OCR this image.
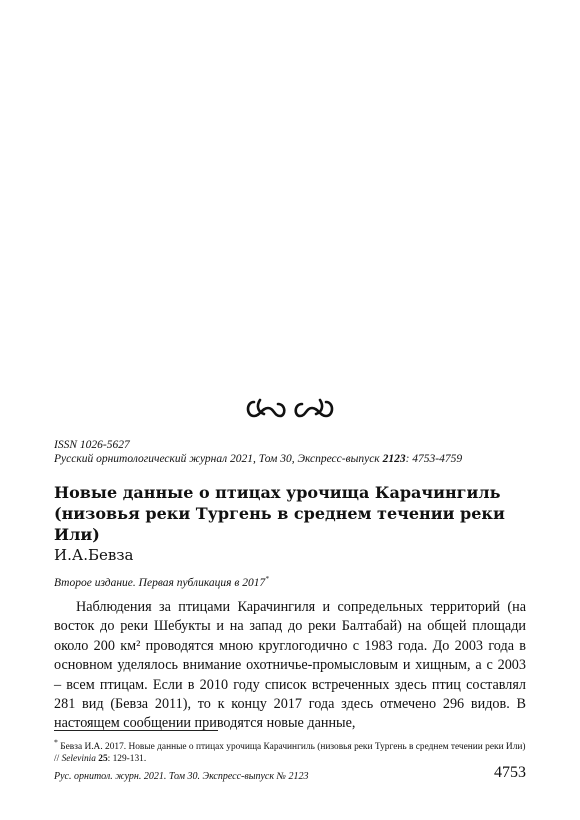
ISSN 1026-5627
Русский орнитологический журнал 2021, Том 30, Экспресс-выпуск 2123: 4753-4759
Новые данные о птицах урочища Карачингиль (низовья реки Тургень в среднем течении реки Или)
И.А.Бевза
Второе издание. Первая публикация в 2017*

Наблюдения за птицами Карачингиля и сопредельных территорий (на восток до реки Шебукты и на запад до реки Балтабай) на общей площади около 200 км² проводятся мною круглогодично с 1983 года. До 2003 года в основном уделялось внимание охотничье-промысловым и хищным, а с 2003 – всем птицам. Если в 2010 году список встреченных здесь птиц составлял 281 вид (Бевза 2011), то к концу 2017 года здесь отмечено 296 видов. В настоящем сообщении приводятся новые данные,

* Бевза И.А. 2017. Новые данные о птицах урочища Карачингиль (низовья реки Тургень в среднем течении реки Или) // Selevinia 25: 129-131.
Рус. орнитол. журн. 2021. Том 30. Экспресс-выпуск № 2123	4753
